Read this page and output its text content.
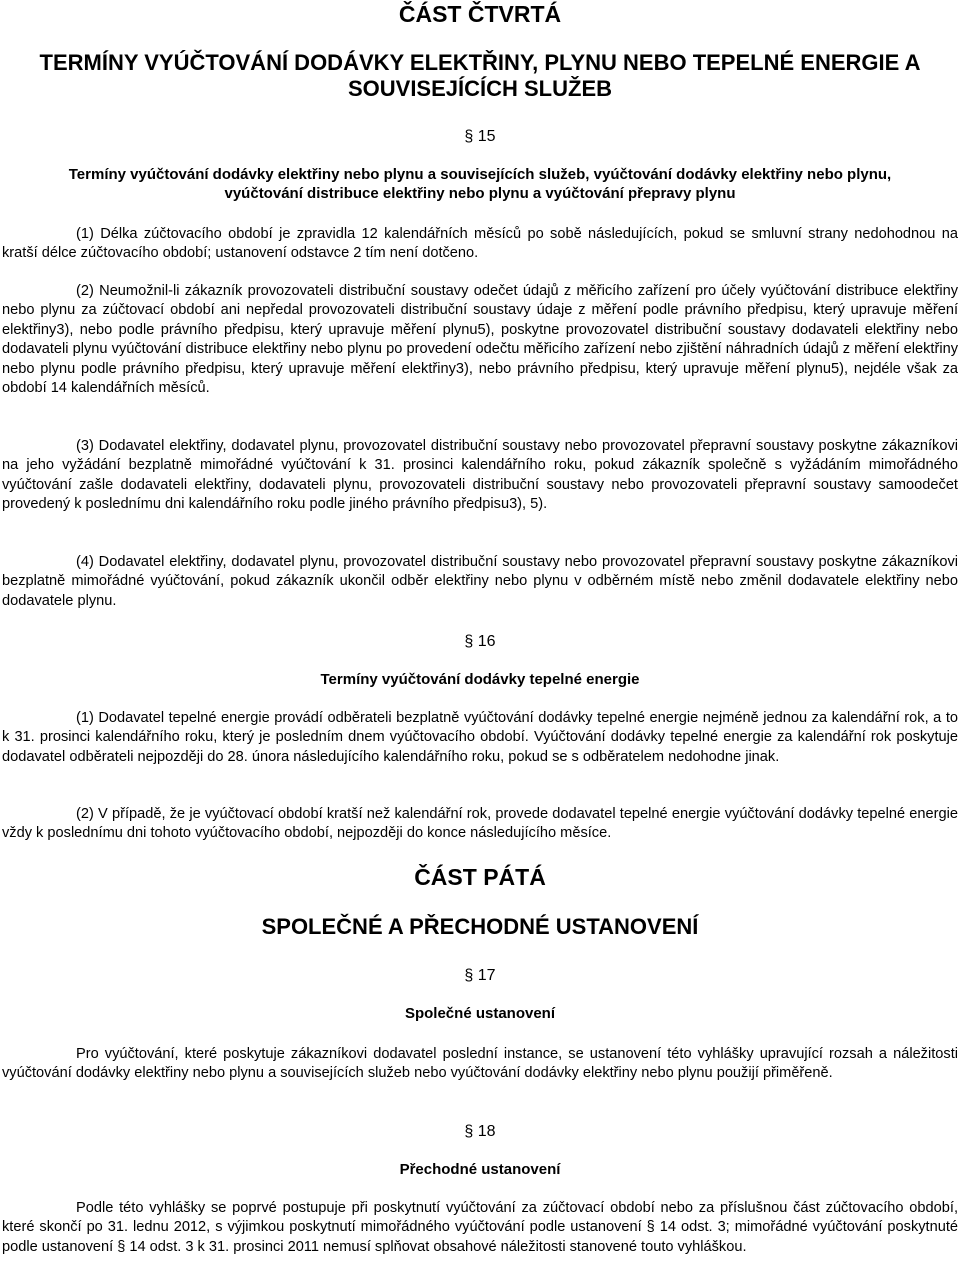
ČÁST ČTVRTÁ

TERMÍNY VYÚČTOVÁNÍ DODÁVKY ELEKTŘINY, PLYNU NEBO TEPELNÉ ENERGIE A

SOUVISEJÍCÍCH SLUŽEB

§ 15

Termíny vyúčtování dodávky elektřiny nebo plynu a souvisejících služeb, vyúčtování dodávky elektřiny nebo plynu,

vyúčtování distribuce elektřiny nebo plynu a vyúčtování přepravy plynu

(1) Délka zúčtovacího období je zpravidla 12 kalendářních měsíců po sobě následujících, pokud se smluvní strany nedohodnou na kratší délce zúčtovacího období; ustanovení odstavce 2 tím není dotčeno.

(2) Neumožnil-li zákazník provozovateli distribuční soustavy odečet údajů z měřicího zařízení pro účely vyúčtování distribuce elektřiny nebo plynu za zúčtovací období ani nepředal provozovateli distribuční soustavy údaje z měření podle právního předpisu, který upravuje měření elektřiny3), nebo podle právního předpisu, který upravuje měření plynu5), poskytne provozovatel distribuční soustavy dodavateli elektřiny nebo dodavateli plynu vyúčtování distribuce elektřiny nebo plynu po provedení odečtu měřicího zařízení nebo zjištění náhradních údajů z měření elektřiny nebo plynu podle právního předpisu, který upravuje měření elektřiny3), nebo právního předpisu, který upravuje měření plynu5), nejdéle však za období 14 kalendářních měsíců.

(3) Dodavatel elektřiny, dodavatel plynu, provozovatel distribuční soustavy nebo provozovatel přepravní soustavy poskytne zákazníkovi na jeho vyžádání bezplatně mimořádné vyúčtování k 31. prosinci kalendářního roku, pokud zákazník společně s vyžádáním mimořádného vyúčtování zašle dodavateli elektřiny, dodavateli plynu, provozovateli distribuční soustavy nebo provozovateli přepravní soustavy samoodečet provedený k poslednímu dni kalendářního roku podle jiného právního předpisu3), 5).

(4) Dodavatel elektřiny, dodavatel plynu, provozovatel distribuční soustavy nebo provozovatel přepravní soustavy poskytne zákazníkovi bezplatně mimořádné vyúčtování, pokud zákazník ukončil odběr elektřiny nebo plynu v odběrném místě nebo změnil dodavatele elektřiny nebo dodavatele plynu.

§ 16

Termíny vyúčtování dodávky tepelné energie

(1) Dodavatel tepelné energie provádí odběrateli bezplatně vyúčtování dodávky tepelné energie nejméně jednou za kalendářní rok, a to k 31. prosinci kalendářního roku, který je posledním dnem vyúčtovacího období. Vyúčtování dodávky tepelné energie za kalendářní rok poskytuje dodavatel odběrateli nejpozději do 28. února následujícího kalendářního roku, pokud se s odběratelem nedohodne jinak.

(2) V případě, že je vyúčtovací období kratší než kalendářní rok, provede dodavatel tepelné energie vyúčtování dodávky tepelné energie vždy k poslednímu dni tohoto vyúčtovacího období, nejpozději do konce následujícího měsíce.

ČÁST PÁTÁ

SPOLEČNÉ A PŘECHODNÉ USTANOVENÍ

§ 17

Společné ustanovení

Pro vyúčtování, které poskytuje zákazníkovi dodavatel poslední instance, se ustanovení této vyhlášky upravující rozsah a náležitosti vyúčtování dodávky elektřiny nebo plynu a souvisejících služeb nebo vyúčtování dodávky elektřiny nebo plynu použijí přiměřeně.

§ 18

Přechodné ustanovení

Podle této vyhlášky se poprvé postupuje při poskytnutí vyúčtování za zúčtovací období nebo za příslušnou část zúčtovacího období, které skončí po 31. lednu 2012, s výjimkou poskytnutí mimořádného vyúčtování podle ustanovení § 14 odst. 3; mimořádné vyúčtování poskytnuté podle ustanovení § 14 odst. 3 k 31. prosinci 2011 nemusí splňovat obsahové náležitosti stanovené touto vyhláškou.
